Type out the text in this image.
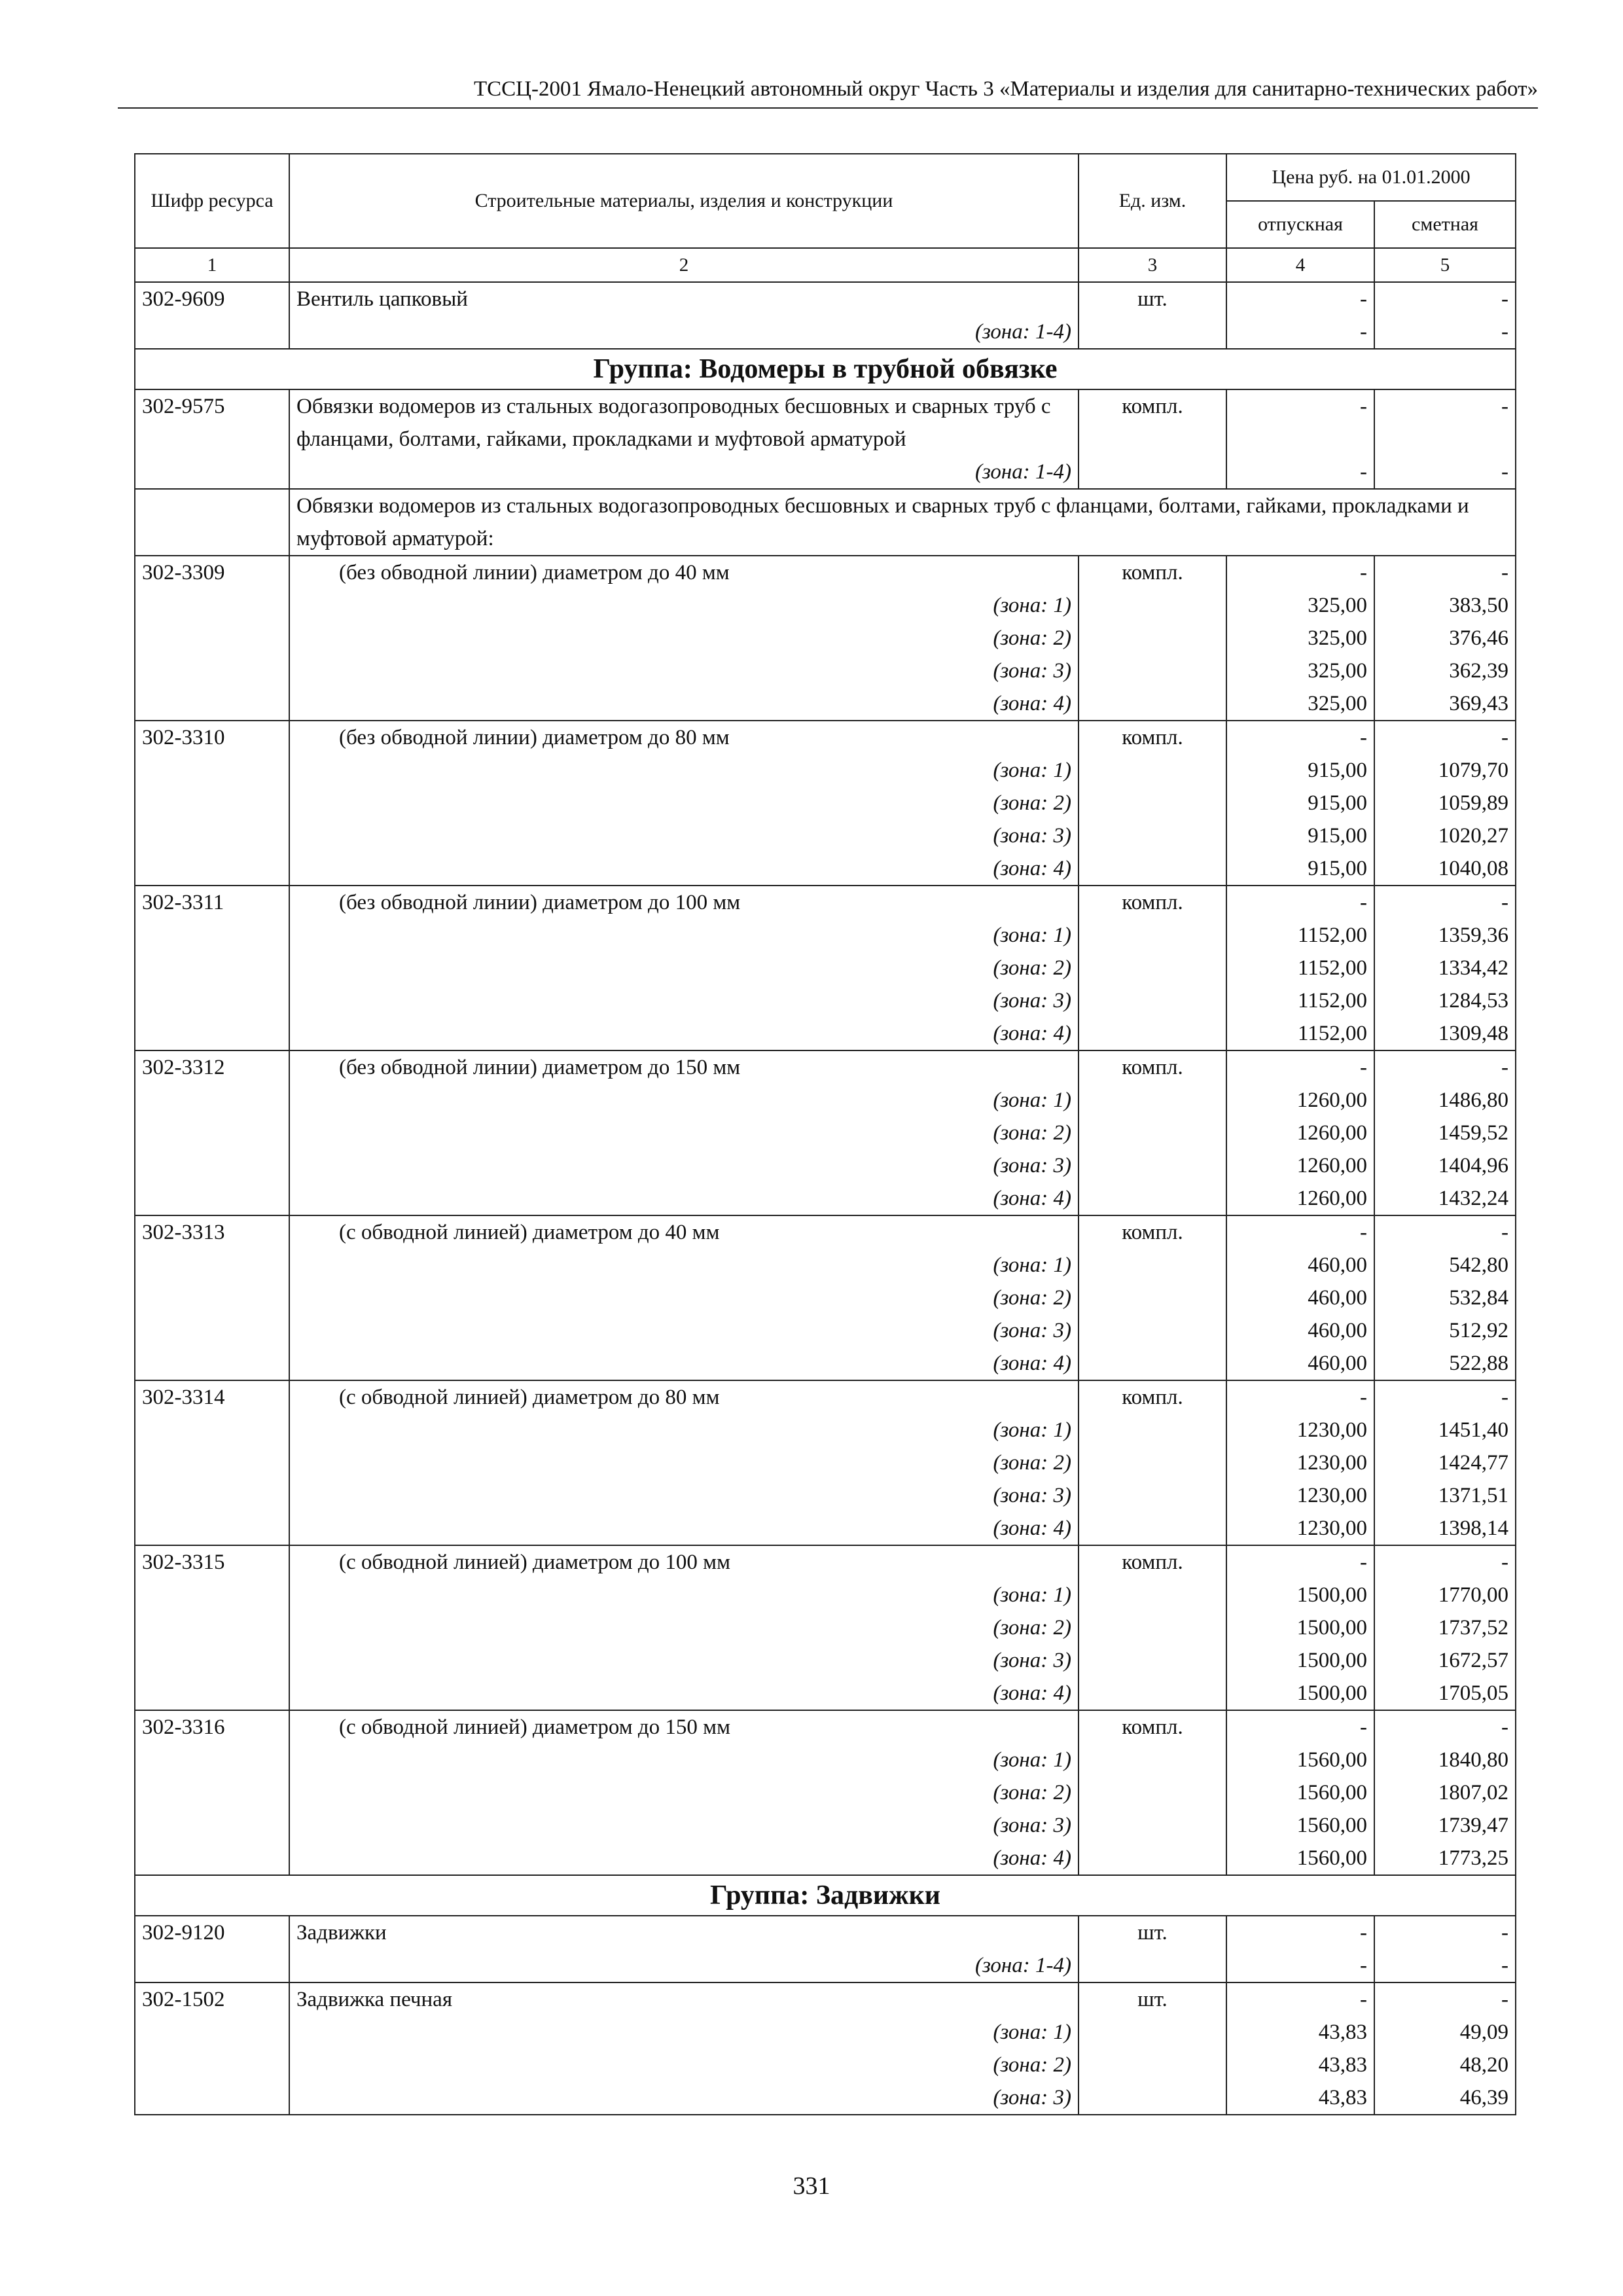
ТССЦ-2001 Ямало-Ненецкий автономный округ Часть 3 «Материалы и изделия для санитарно-технических работ»
Шифр ресурса	Строительные материалы, изделия и конструкции	Ед. изм.	Цена руб. на 01.01.2000	
			отпускная	сметная
1	2	3	4	5
302-9609	Вентиль цапковый	шт.	-	-
	(зона: 1-4)		-	-
Группа: Водомеры в трубной обвязке				
302-9575	Обвязки водомеров из стальных водогазопроводных бесшовных и сварных труб с фланцами, болтами, гайками, прокладками и муфтовой арматурой	компл.	-	-
	(зона: 1-4)		-	-
	Обвязки водомеров из стальных водогазопроводных бесшовных и сварных труб с фланцами, болтами, гайками, прокладками и муфтовой арматурой:			
302-3309	(без обводной линии) диаметром до 40 мм	компл.	-	-
	(зона: 1)		325,00	383,50
	(зона: 2)		325,00	376,46
	(зона: 3)		325,00	362,39
	(зона: 4)		325,00	369,43
302-3310	(без обводной линии) диаметром до 80 мм	компл.	-	-
	(зона: 1)		915,00	1079,70
	(зона: 2)		915,00	1059,89
	(зона: 3)		915,00	1020,27
	(зона: 4)		915,00	1040,08
302-3311	(без обводной линии) диаметром до 100 мм	компл.	-	-
	(зона: 1)		1152,00	1359,36
	(зона: 2)		1152,00	1334,42
	(зона: 3)		1152,00	1284,53
	(зона: 4)		1152,00	1309,48
302-3312	(без обводной линии) диаметром до 150 мм	компл.	-	-
	(зона: 1)		1260,00	1486,80
	(зона: 2)		1260,00	1459,52
	(зона: 3)		1260,00	1404,96
	(зона: 4)		1260,00	1432,24
302-3313	(с обводной линией) диаметром до 40 мм	компл.	-	-
	(зона: 1)		460,00	542,80
	(зона: 2)		460,00	532,84
	(зона: 3)		460,00	512,92
	(зона: 4)		460,00	522,88
302-3314	(с обводной линией) диаметром до 80 мм	компл.	-	-
	(зона: 1)		1230,00	1451,40
	(зона: 2)		1230,00	1424,77
	(зона: 3)		1230,00	1371,51
	(зона: 4)		1230,00	1398,14
302-3315	(с обводной линией) диаметром до 100 мм	компл.	-	-
	(зона: 1)		1500,00	1770,00
	(зона: 2)		1500,00	1737,52
	(зона: 3)		1500,00	1672,57
	(зона: 4)		1500,00	1705,05
302-3316	(с обводной линией) диаметром до 150 мм	компл.	-	-
	(зона: 1)		1560,00	1840,80
	(зона: 2)		1560,00	1807,02
	(зона: 3)		1560,00	1739,47
	(зона: 4)		1560,00	1773,25
Группа: Задвижки				
302-9120	Задвижки	шт.	-	-
	(зона: 1-4)		-	-
302-1502	Задвижка печная	шт.	-	-
	(зона: 1)		43,83	49,09
	(зона: 2)		43,83	48,20
	(зона: 3)		43,83	46,39
331
